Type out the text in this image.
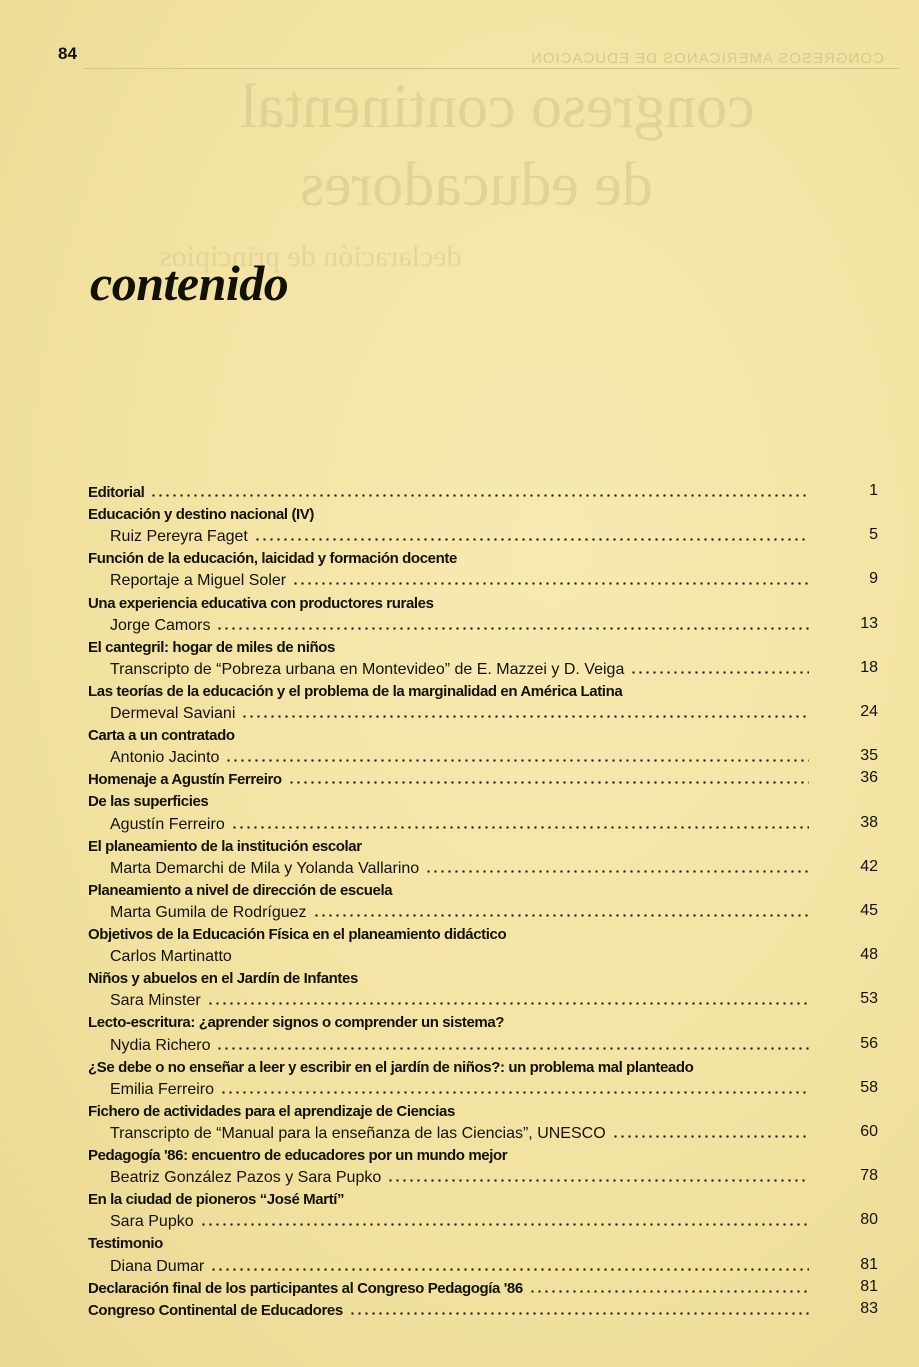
CONGRESOS AMERICANOS DE EDUCACION
congreso continental
de educadores
declaración de principios
84
contenido
Editorial	1
Educación y destino nacional (IV)
Ruiz Pereyra Faget	5
Función de la educación, laicidad y formación docente
Reportaje a Miguel Soler	9
Una experiencia educativa con productores rurales
Jorge Camors	13
El cantegril: hogar de miles de niños
Transcripto de “Pobreza urbana en Montevideo” de E. Mazzei y D. Veiga	18
Las teorías de la educación y el problema de la marginalidad en América Latina
Dermeval Saviani	24
Carta a un contratado
Antonio Jacinto	35
Homenaje a Agustín Ferreiro	36
De las superficies
Agustín Ferreiro	38
El planeamiento de la institución escolar
Marta Demarchi de Mila y Yolanda Vallarino	42
Planeamiento a nivel de dirección de escuela
Marta Gumila de Rodríguez	45
Objetivos de la Educación Física en el planeamiento didáctico
Carlos Martinatto	48
Niños y abuelos en el Jardín de Infantes
Sara Minster	53
Lecto-escritura: ¿aprender signos o comprender un sistema?
Nydia Richero	56
¿Se debe o no enseñar a leer y escribir en el jardín de niños?: un problema mal planteado
Emilia Ferreiro	58
Fichero de actividades para el aprendizaje de Ciencias
Transcripto de “Manual para la enseñanza de las Ciencias”, UNESCO	60
Pedagogía '86: encuentro de educadores por un mundo mejor
Beatriz González Pazos y Sara Pupko	78
En la ciudad de pioneros “José Martí”
Sara Pupko	80
Testimonio
Diana Dumar	81
Declaración final de los participantes al Congreso Pedagogía '86	81
Congreso Continental de Educadores	83
